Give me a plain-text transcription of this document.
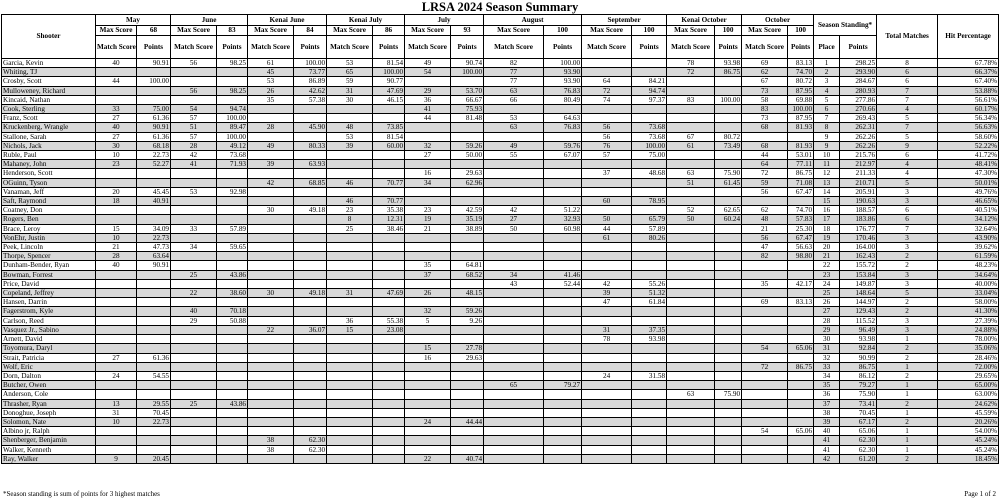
LRSA 2024 Season Summary
Shooter	May		June		Kenai June		Kenai July		July		August		September		Kenai October		October		Season Standing*		Total Matches	Hit Percentage
	Max Score	68	Max Score	83	Max Score	84	Max Score	86	Max Score	93	Max Score	100	Max Score	100	Max Score	100	Max Score	100				
	Match Score	Points	Match Score	Points	Match Score	Points	Match Score	Points	Match Score	Points	Match Score	Points	Match Score	Points	Match Score	Points	Match Score	Points	Place	Points		
Garcia, Kevin	40	90.91	56	98.25	61	100.00	53	81.54	49	90.74	82	100.00			78	93.98	69	83.13	1	298.25	8	67.78%
Whiting, TJ					45	73.77	65	100.00	54	100.00	77	93.90			72	86.75	62	74.70	2	293.90	6	66.37%
Crosby, Scott	44	100.00			53	86.89	59	90.77			77	93.90	64	84.21			67	80.72	3	284.67	6	67.40%
Mulloweney, Richard			56	98.25	26	42.62	31	47.69	29	53.70	63	76.83	72	94.74			73	87.95	4	280.93	7	53.88%
Kincaid, Nathan					35	57.38	30	46.15	36	66.67	66	80.49	74	97.37	83	100.00	58	69.88	5	277.86	7	56.61%
Cook, Sterling	33	75.00	54	94.74					41	75.93							83	100.00	6	270.66	4	60.17%
Franz, Scott	27	61.36	57	100.00					44	81.48	53	64.63					73	87.95	7	269.43	5	56.34%
Kruckenberg, Wrangle	40	90.91	51	89.47	28	45.90	48	73.85			63	76.83	56	73.68			68	81.93	8	262.31	7	56.63%
Stallone, Sarah	27	61.36	57	100.00			53	81.54					56	73.68	67	80.72			9	262.26	5	58.60%
Nichols, Jack	30	68.18	28	49.12	49	80.33	39	60.00	32	59.26	49	59.76	76	100.00	61	73.49	68	81.93	9	262.26	9	52.22%
Ruble, Paul	10	22.73	42	73.68					27	50.00	55	67.07	57	75.00			44	53.01	10	215.76	6	41.72%
Mahaney, John	23	52.27	41	71.93	39	63.93											64	77.11	11	212.97	4	48.41%
Henderson, Scott									16	29.63			37	48.68	63	75.90	72	86.75	12	211.33	4	47.30%
OGuinn, Tyson					42	68.85	46	70.77	34	62.96					51	61.45	59	71.08	13	210.71	5	50.01%
Vanaman, Jeff	20	45.45	53	92.98													56	67.47	14	205.91	3	49.76%
Saft, Raymond	18	40.91					46	70.77					60	78.95					15	190.63	3	46.65%
Coatney, Don					30	49.18	23	35.38	23	42.59	42	51.22			52	62.65	62	74.70	16	188.57	6	40.51%
Rogers, Ben							8	12.31	19	35.19	27	32.93	50	65.79	50	60.24	48	57.83	17	183.86	6	34.12%
Brace, Leroy	15	34.09	33	57.89			25	38.46	21	38.89	50	60.98	44	57.89			21	25.30	18	176.77	7	32.64%
VonEhr, Justin	10	22.73											61	80.26			56	67.47	19	170.46	3	43.90%
Peek, Lincoln	21	47.73	34	59.65													47	56.63	20	164.00	3	39.62%
Thorpe, Spencer	28	63.64															82	98.80	21	162.43	2	61.59%
Dunham-Bender, Ryan	40	90.91							35	64.81									22	155.72	2	48.23%
Bowman, Forrest			25	43.86					37	68.52	34	41.46							23	153.84	3	34.64%
Price, David											43	52.44	42	55.26			35	42.17	24	149.87	3	40.00%
Copeland, Jeffrey			22	38.60	30	49.18	31	47.69	26	48.15			39	51.32					25	148.64	5	33.04%
Hansen, Darrin													47	61.84			69	83.13	26	144.97	2	58.00%
Fagerstrom, Kyle			40	70.18					32	59.26									27	129.43	2	41.30%
Carlson, Reed			29	50.88			36	55.38	5	9.26									28	115.52	3	27.39%
Vasquez Jr., Sabino					22	36.07	15	23.08					31	37.35					29	96.49	3	24.88%
Arnett, David													78	93.98					30	93.98	1	78.00%
Toyomura, Daryl									15	27.78							54	65.06	31	92.84	2	35.06%
Strait, Patricia	27	61.36							16	29.63									32	90.99	2	28.46%
Wolf, Eric																	72	86.75	33	86.75	1	72.00%
Dorn, Dalton	24	54.55											24	31.58					34	86.12	2	29.65%
Butcher, Owen											65	79.27							35	79.27	1	65.00%
Anderson, Cole															63	75.90			36	75.90	1	63.00%
Thrasher, Ryan	13	29.55	25	43.86															37	73.41	2	24.62%
Donoghue, Joseph	31	70.45																	38	70.45	1	45.59%
Solomon, Nate	10	22.73							24	44.44									39	67.17	2	20.26%
Albino jr, Ralph																	54	65.06	40	65.06	1	54.00%
Shenberger, Benjamin					38	62.30													41	62.30	1	45.24%
Walker, Kenneth					38	62.30													41	62.30	1	45.24%
Ray, Walker	9	20.45							22	40.74									42	61.20	2	18.45%
*Season standing is sum of points for 3 highest matches	Page 1 of 2
